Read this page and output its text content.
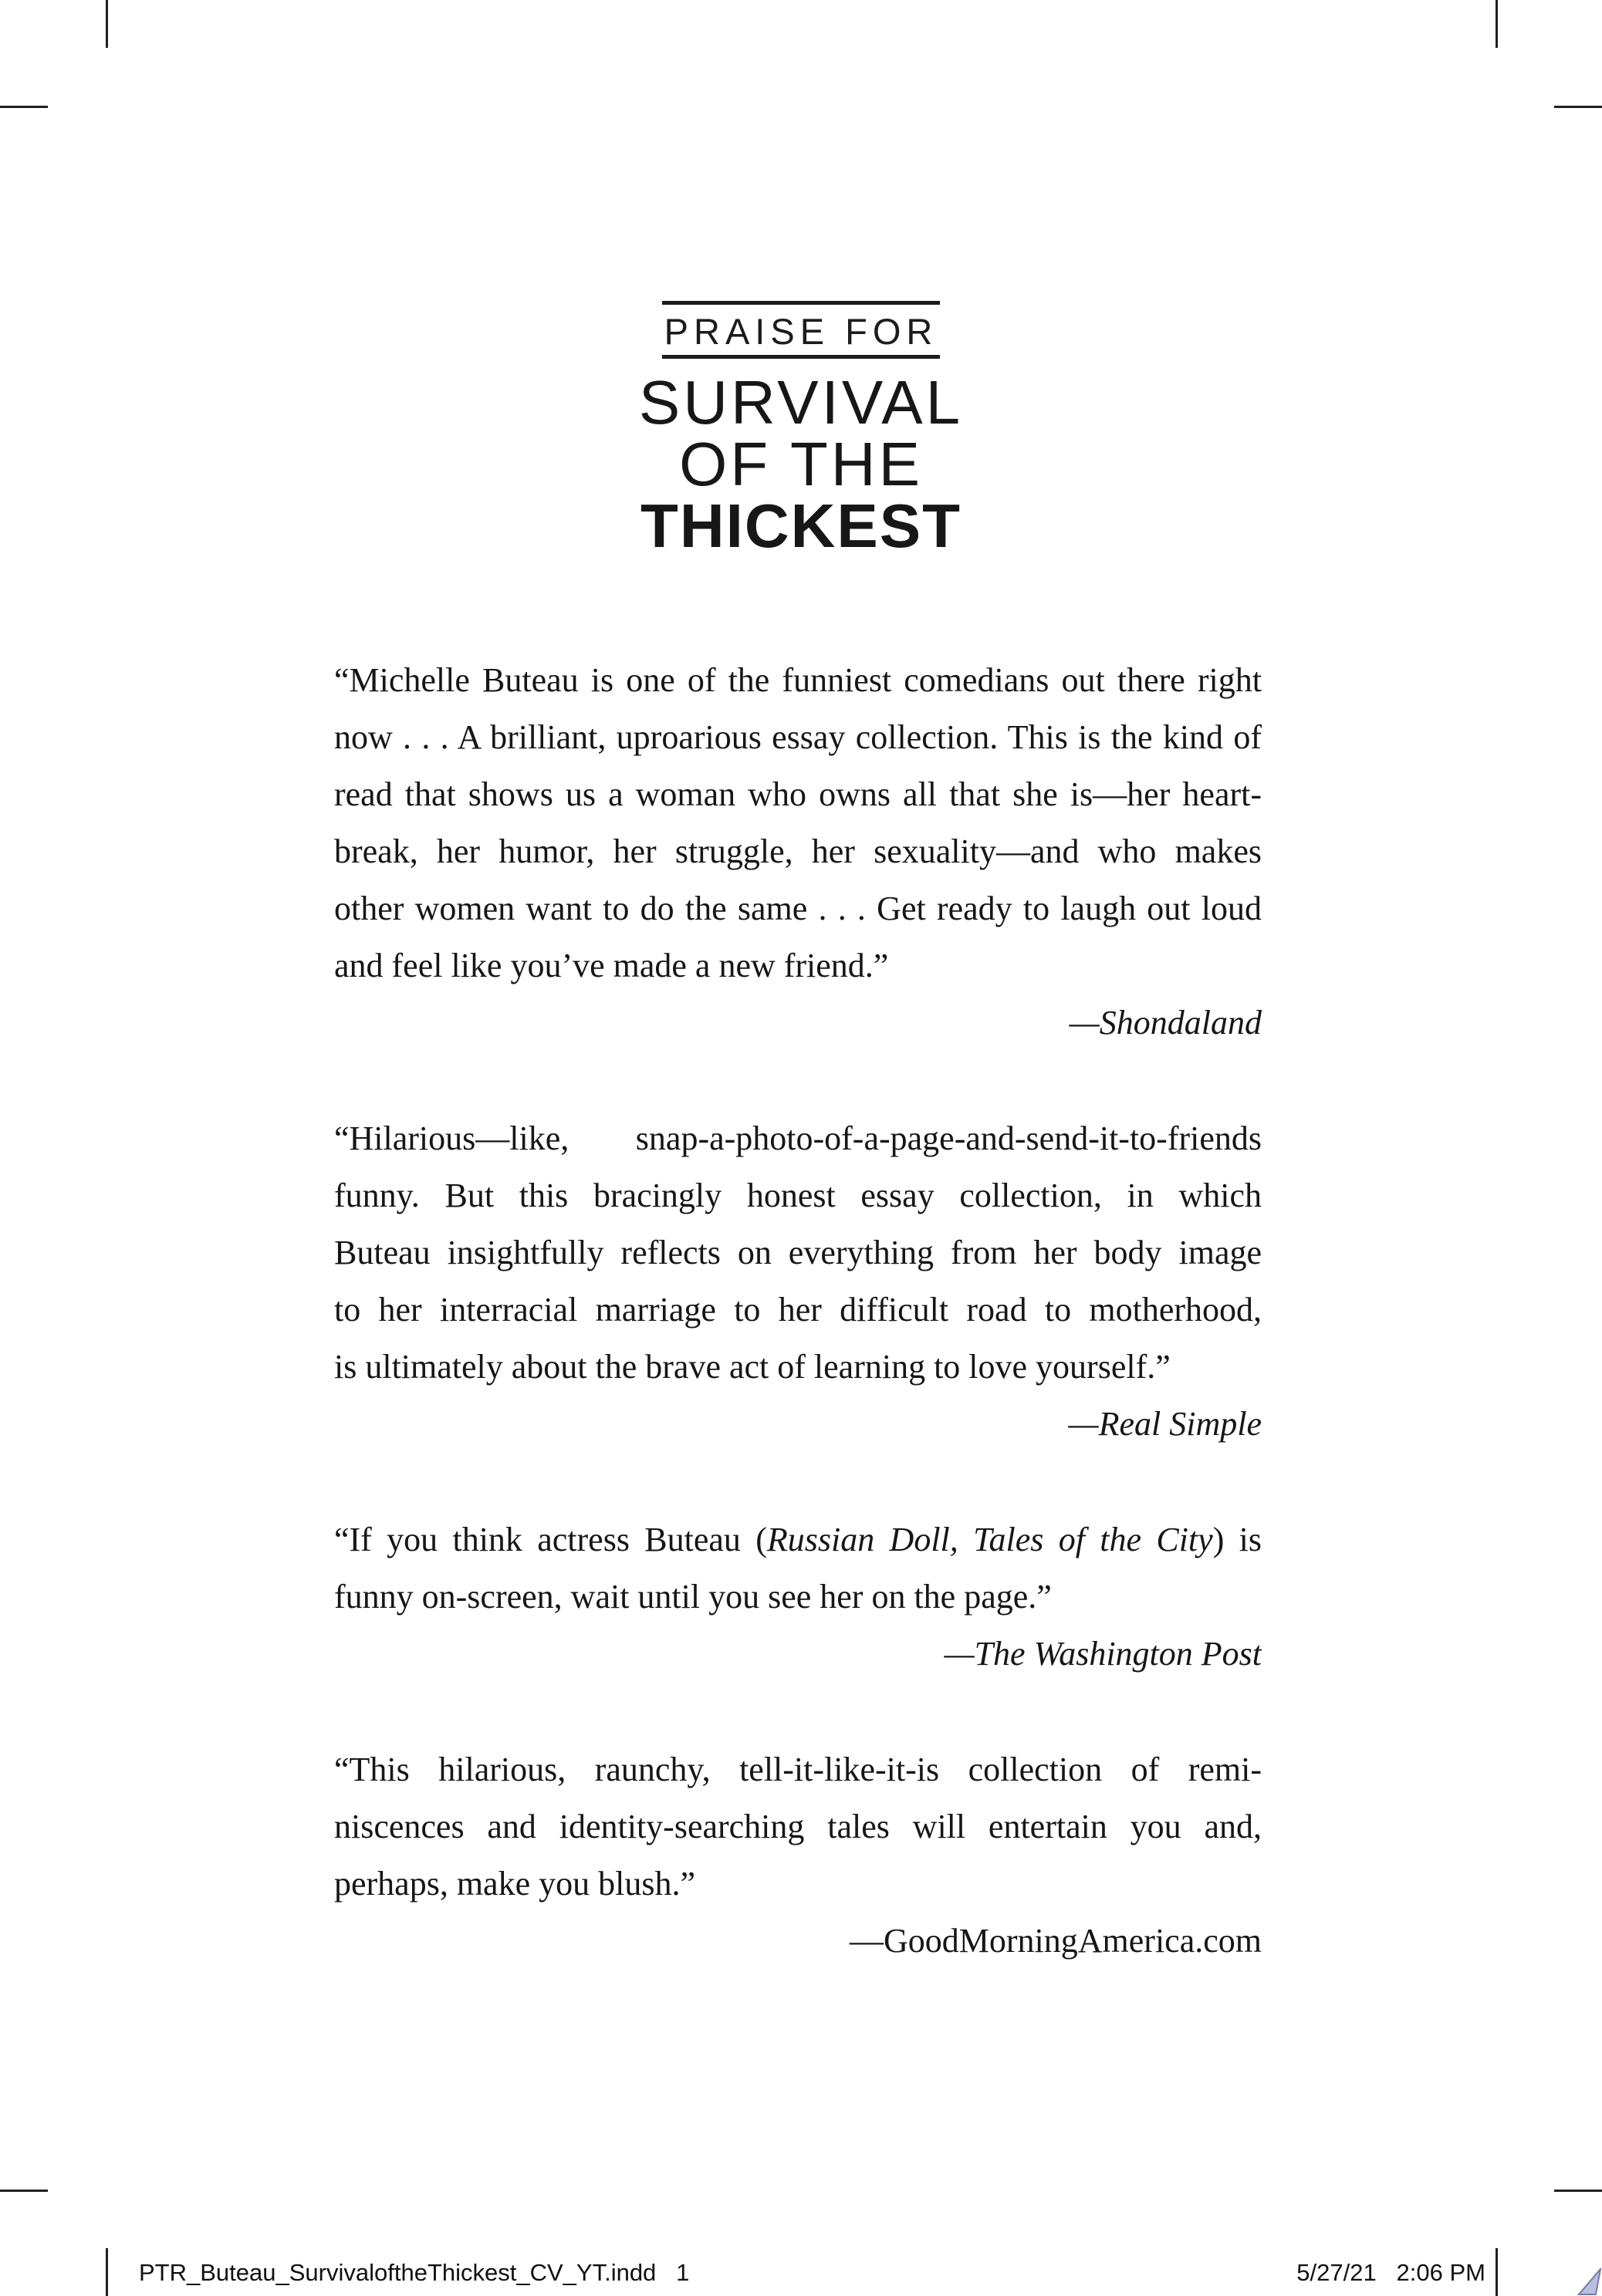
PRAISE FOR
SURVIVAL
OF THE
THICKEST
“Michelle Buteau is one of the funniest comedians out there right
now . . . A brilliant, uproarious essay collection. This is the kind of
read that shows us a woman who owns all that she is—her heart-
break, her humor, her struggle, her sexuality—and who makes
other women want to do the same . . . Get ready to laugh out loud
and feel like you’ve made a new friend.”
—Shondaland
“Hilarious—like, snap-a-photo-of-a-page-and-send-it-to-friends
funny. But this bracingly honest essay collection, in which
Buteau insightfully reflects on everything from her body image
to her interracial marriage to her difficult road to motherhood,
is ultimately about the brave act of learning to love yourself.”
—Real Simple
“If you think actress Buteau (Russian Doll, Tales of the City) is
funny on-screen, wait until you see her on the page.”
—The Washington Post
“This hilarious, raunchy, tell-it-like-it-is collection of remi-
niscences and identity-searching tales will entertain you and,
perhaps, make you blush.”
—GoodMorningAmerica.com
PTR_Buteau_SurvivaloftheThickest_CV_YT.indd   1	5/27/21   2:06 PM
